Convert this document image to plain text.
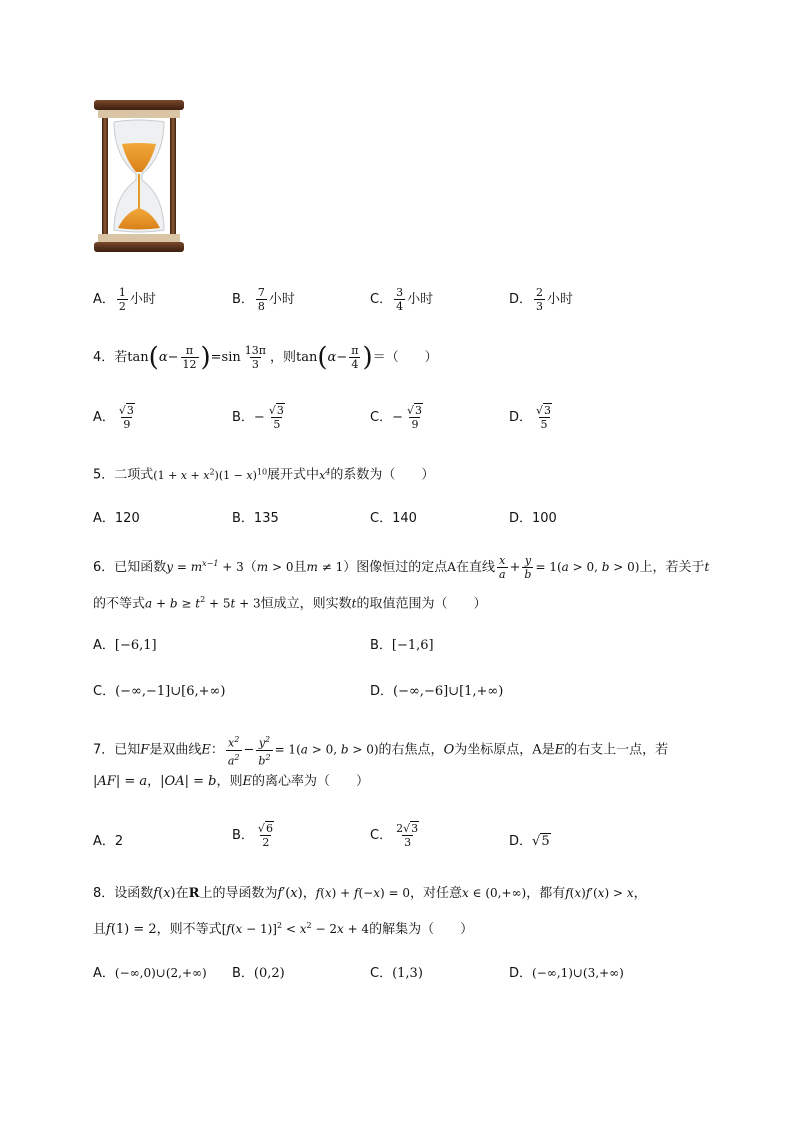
A． $\frac{1}{2}$ 小时	B． $\frac{7}{8}$ 小时	C． $\frac{3}{4}$ 小时	D． $\frac{2}{3}$ 小时
4．若$\tan(\alpha- \frac{\pi}{12} )=\sin \frac{13\pi}{3}$ ，则$\tan(\alpha- \frac{\pi}{4}$ )＝（　　）
A． $\frac{√3}{9}$	B．− $\frac{√3}{5}$	C．− $\frac{√3}{9}$	D． $\frac{√3}{5}$
5．二项式$(1 + x + x^2)(1 - x)^{10}$展开式中$x^4$的系数为（　　）
A．120	B．135	C．140	D．100
6．已知函数$y = m^{x-1} + 3(m > 0$且m ≠ 1）图像恒过的定点A在直线 $\frac{x}{a} + \frac{y}{b} = 1(a > 0$, b > 0)上，若关于t
的不等式$a + b \ge t^2 + 5t + 3$恒成立，则实数t的取值范围为（　　）
A．[−6,1]	B．[−1,6]
C．(−∞,−1]∪[6,+∞)	D．(−∞,−6]∪[1,+∞)
7．已知F是双曲线E： $\frac{x^2}{a^2} - \frac{y^2}{b^2} = 1(a > 0$, b > 0)的右焦点，O为坐标原点，A是E的右支上一点，若
|AF| = a，|OA| = b，则E的离心率为（　　）
A．2	B． $\frac{√6}{2}$	C． $\frac{2√3}{3}$	D．√5
8．设函数f(x)在R上的导函数为f′(x)，f(x) + f(−x) = 0，对任意x ∈ (0,+∞)，都有f(x)f′(x) > x，
且f(1) = 2，则不等式$[f(x - 1)]^2 < x^2 - 2x + 4$的解集为（　　）
A．(−∞,0)∪(2,+∞) B．(0,2)	C．(1,3)	D．(−∞,1)∪(3,+∞)
